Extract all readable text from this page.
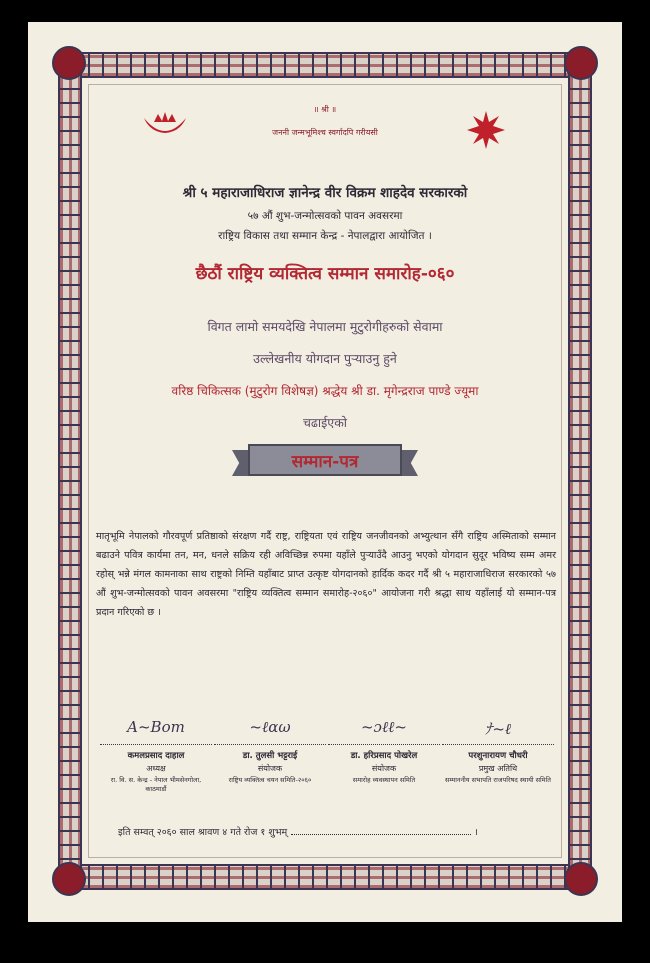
॥ श्री ॥
जननी जन्मभूमिश्च स्वर्गादपि गरीयसी
श्री ५ महाराजाधिराज ज्ञानेन्द्र वीर विक्रम शाहदेव सरकारको
५७ औं शुभ-जन्मोत्सवको पावन अवसरमा
राष्ट्रिय विकास तथा सम्मान केन्द्र - नेपालद्वारा आयोजित ।
छैठौं राष्ट्रिय व्यक्तित्व सम्मान समारोह-०६०
विगत लामो समयदेखि नेपालमा मुटुरोगीहरुको सेवामा
उल्लेखनीय योगदान पुर्‍याउनु हुने
वरिष्ठ चिकित्सक (मुटुरोग विशेषज्ञ) श्रद्धेय श्री डा. मृगेन्द्रराज पाण्डे ज्यूमा
चढाईएको
सम्मान-पत्र
मातृभूमि नेपालको गौरवपूर्ण प्रतिष्ठाको संरक्षण गर्दै राष्ट्र, राष्ट्रियता एवं राष्ट्रिय जनजीवनको अभ्युत्थान सँगै राष्ट्रिय अस्मिताको सम्मान बढाउने पवित्र कार्यमा तन, मन, धनले सक्रिय रही अविच्छिन्न रुपमा यहाँले पुर्‍याउँदै आउनु भएको योगदान सुदूर भविष्य सम्म अमर रहोस् भन्ने मंगल कामनाका साथ राष्ट्रको निम्ति यहाँबाट प्राप्त उत्कृष्ट योगदानको हार्दिक कदर गर्दै श्री ५ महाराजाधिराज सरकारको ५७ औं शुभ-जन्मोत्सवको पावन अवसरमा "राष्ट्रिय व्यक्तित्व सम्मान समारोह-२०६०" आयोजना गरी श्रद्धा साथ यहाँलाई यो सम्मान-पत्र प्रदान गरिएको छ ।
A~Bom
कमलप्रसाद दाहाल
अध्यक्ष
रा. वि. स. केन्द्र - नेपाल भीमसेनगोला, काठमाडौं
~ℓαω
डा. तुलसी भट्टराई
संयोजक
राष्ट्रिय व्यक्तित्व चयन समिति-२०६०
~ɔℓℓ~
डा. हरिप्रसाद पोखरेल
संयोजक
समारोह व्यवस्थापन समिति
ﾅ~ℓ
परशुनारायण चौधरी
प्रमुख अतिथि
सम्माननीय सभापति राजपरिषद स्थायी समिति
इति सम्वत् २०६० साल श्रावण ४ गते रोज १ शुभम्	।
